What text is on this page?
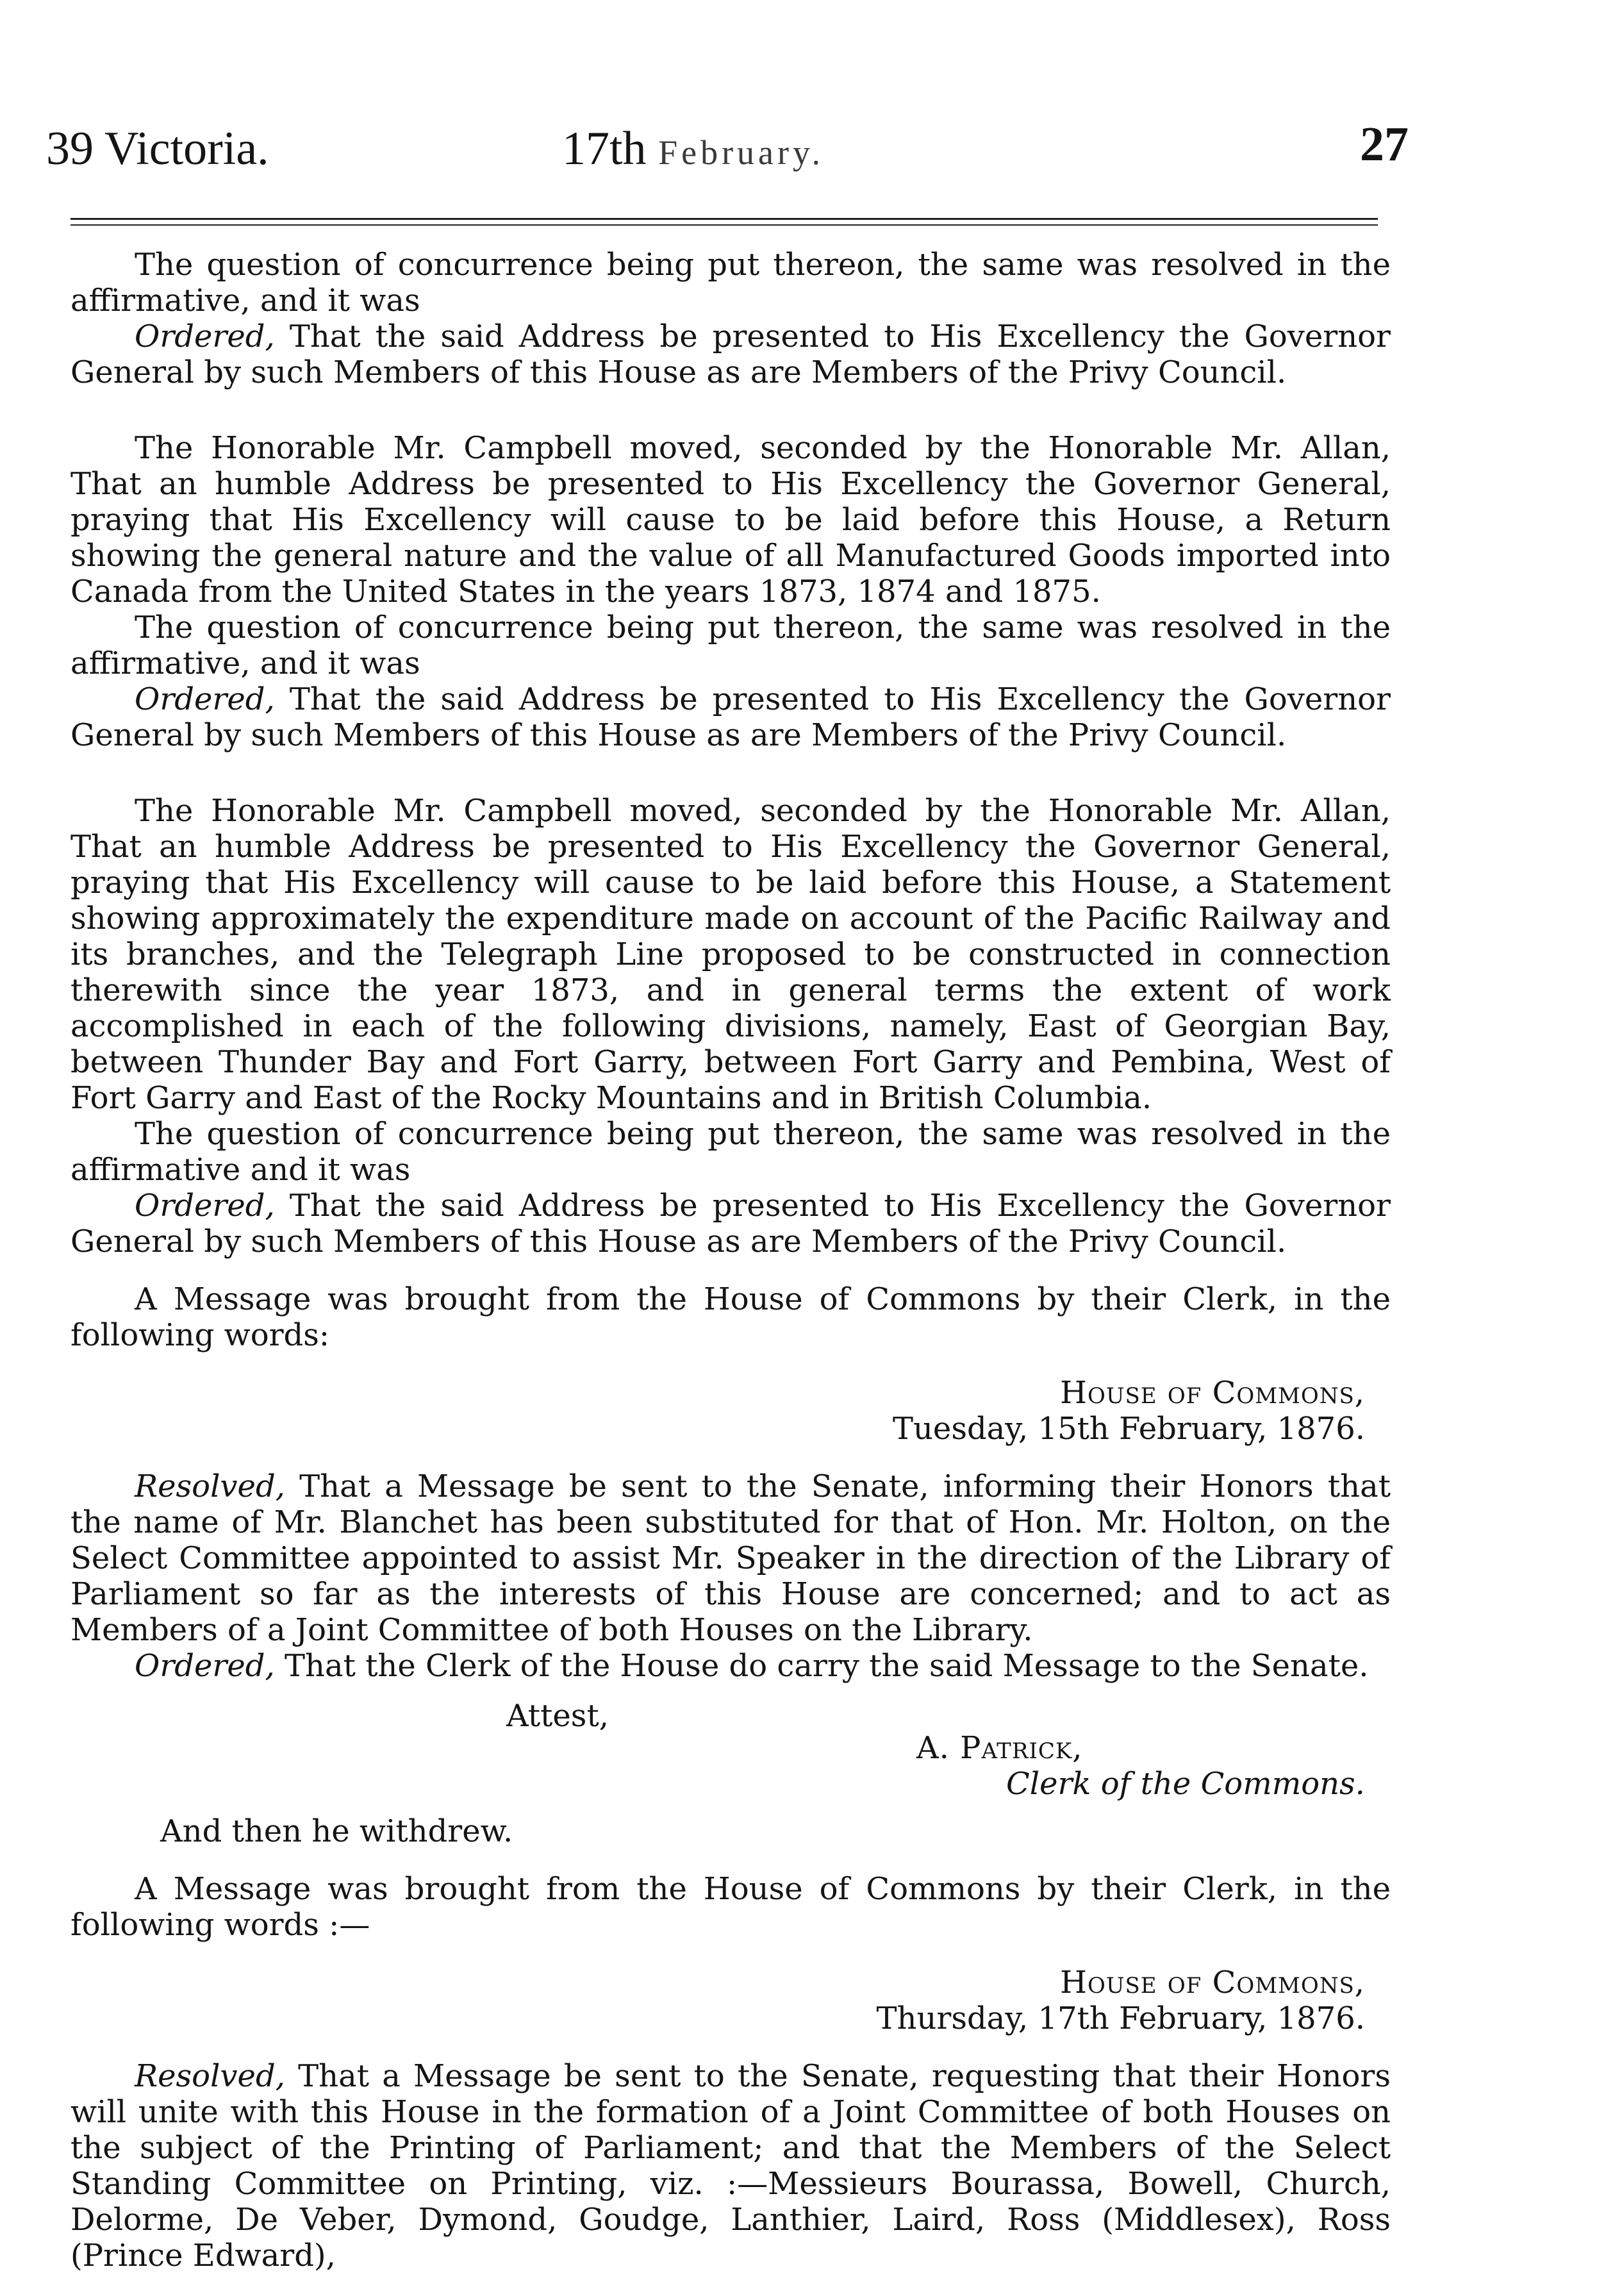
39 Victoria.	17th February.	27

The question of concurrence being put thereon, the same was resolved in the affirmative, and it was

Ordered, That the said Address be presented to His Excellency the Governor General by such Members of this House as are Members of the Privy Council.

The Honorable Mr. Campbell moved, seconded by the Honorable Mr. Allan, That an humble Address be presented to His Excellency the Governor General, praying that His Excellency will cause to be laid before this House, a Return showing the general nature and the value of all Manufactured Goods imported into Canada from the United States in the years 1873, 1874 and 1875.

The question of concurrence being put thereon, the same was resolved in the affirmative, and it was

Ordered, That the said Address be presented to His Excellency the Governor General by such Members of this House as are Members of the Privy Council.

The Honorable Mr. Campbell moved, seconded by the Honorable Mr. Allan, That an humble Address be presented to His Excellency the Governor General, praying that His Excellency will cause to be laid before this House, a Statement showing approximately the expenditure made on account of the Pacific Railway and its branches, and the Telegraph Line proposed to be constructed in connection therewith since the year 1873, and in general terms the extent of work accomplished in each of the following divisions, namely, East of Georgian Bay, between Thunder Bay and Fort Garry, between Fort Garry and Pembina, West of Fort Garry and East of the Rocky Mountains and in British Columbia.

The question of concurrence being put thereon, the same was resolved in the affirmative and it was

Ordered, That the said Address be presented to His Excellency the Governor General by such Members of this House as are Members of the Privy Council.

A Message was brought from the House of Commons by their Clerk, in the following words:

House of Commons,

Tuesday, 15th February, 1876.

Resolved, That a Message be sent to the Senate, informing their Honors that the name of Mr. Blanchet has been substituted for that of Hon. Mr. Holton, on the Select Committee appointed to assist Mr. Speaker in the direction of the Library of Parliament so far as the interests of this House are concerned; and to act as Members of a Joint Committee of both Houses on the Library.

Ordered, That the Clerk of the House do carry the said Message to the Senate.

Attest,

A. Patrick,

Clerk of the Commons.

And then he withdrew.

A Message was brought from the House of Commons by their Clerk, in the following words :—

House of Commons,

Thursday, 17th February, 1876.

Resolved, That a Message be sent to the Senate, requesting that their Honors will unite with this House in the formation of a Joint Committee of both Houses on the subject of the Printing of Parliament; and that the Members of the Select Standing Committee on Printing, viz. :—Messieurs Bourassa, Bowell, Church, Delorme, De Veber, Dymond, Goudge, Lanthier, Laird, Ross (Middlesex), Ross (Prince Edward),
